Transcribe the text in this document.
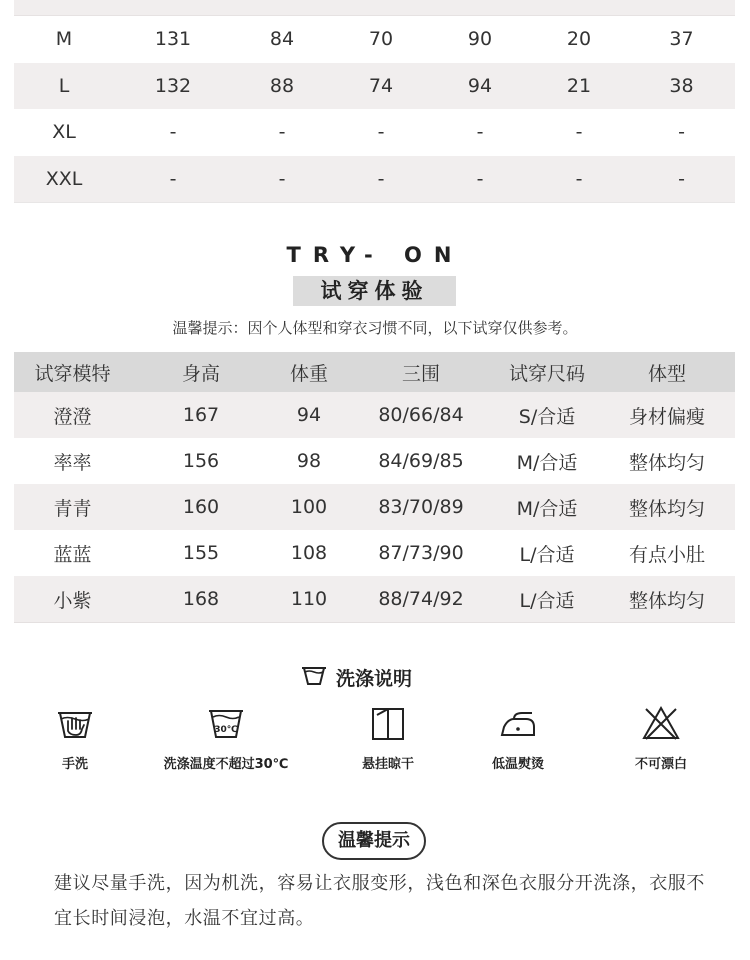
M	131	84	70	90	20	37
L	132	88	74	94	21	38
XL	-	-	-	-	-	-
XXL	-	-	-	-	-	-
TRY- ON
试穿体验
温馨提示：因个人体型和穿衣习惯不同，以下试穿仅供参考。
试穿模特	身高	体重	三围	试穿尺码	体型
澄澄	167	94	80/66/84	S/合适	身材偏瘦
率率	156	98	84/69/85	M/合适	整体均匀
青青	160	100	83/70/89	M/合适	整体均匀
蓝蓝	155	108	87/73/90	L/合适	有点小肚
小紫	168	110	88/74/92	L/合适	整体均匀
洗涤说明
手洗
30℃
洗涤温度不超过30℃	悬挂晾干	低温熨烫	不可漂白
温馨提示
建议尽量手洗，因为机洗，容易让衣服变形，浅色和深色衣服分开洗涤，衣服不宜长时间浸泡，水温不宜过高。
